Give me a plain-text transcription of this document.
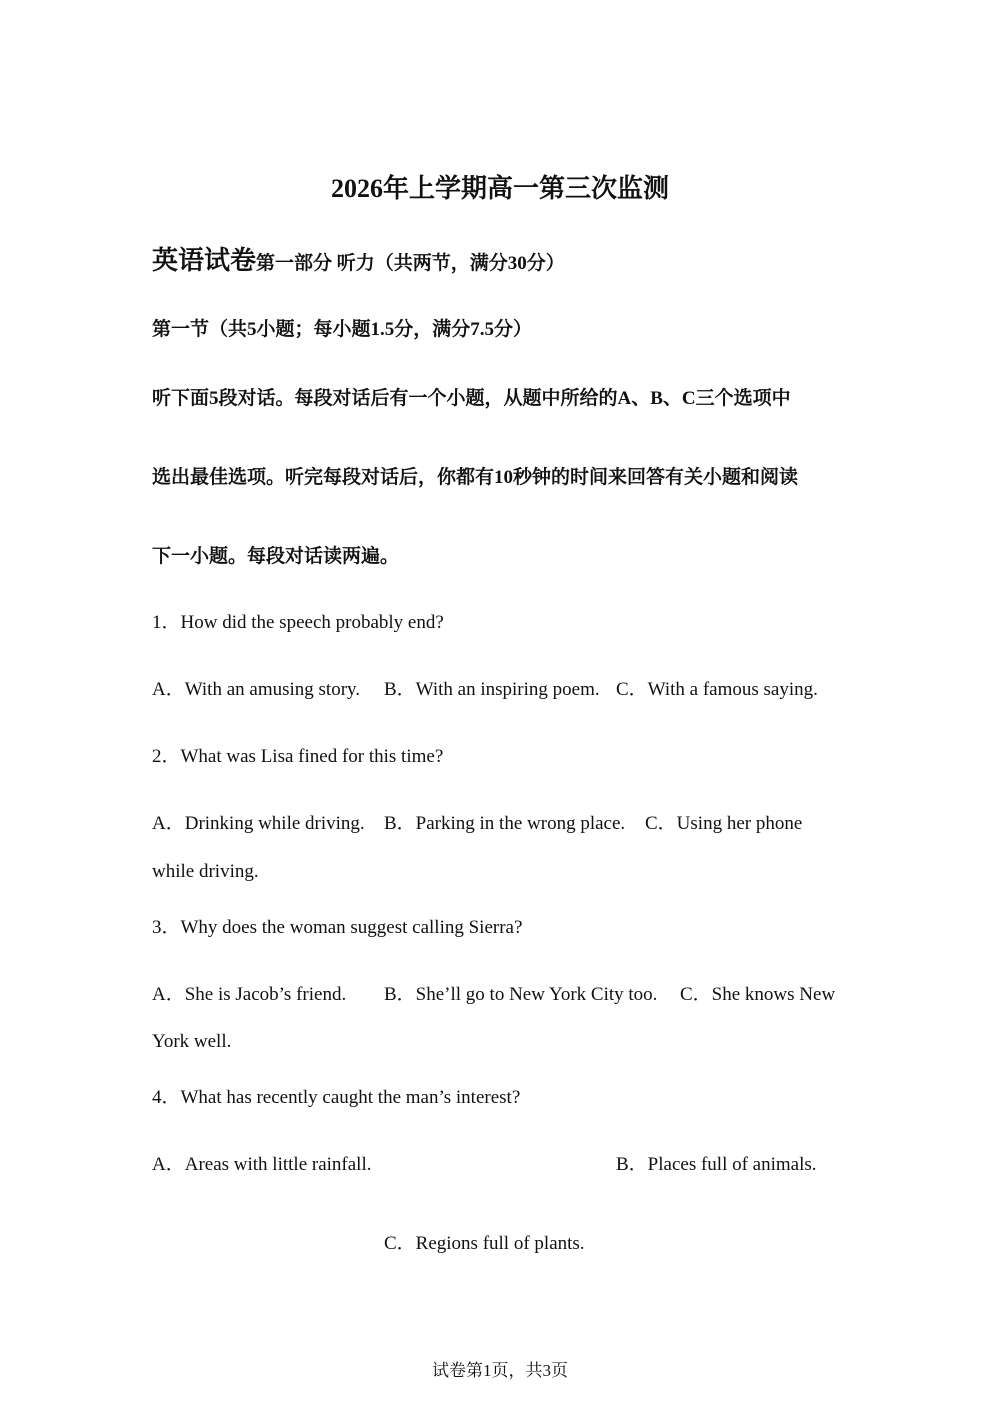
2026年上学期高一第三次监测
英语试卷第一部分 听力（共两节，满分30分）
第一节（共5小题；每小题1.5分，满分7.5分）
听下面5段对话。每段对话后有一个小题，从题中所给的A、B、C三个选项中
选出最佳选项。听完每段对话后，你都有10秒钟的时间来回答有关小题和阅读
下一小题。每段对话读两遍。
1．How did the speech probably end?
A．With an amusing story. B．With an inspiring poem. C．With a famous saying.
2．What was Lisa fined for this time?
A．Drinking while driving. B．Parking in the wrong place. C．Using her phone
while driving.
3．Why does the woman suggest calling Sierra?
A．She is Jacob’s friend. B．She’ll go to New York City too. C．She knows New
York well.
4．What has recently caught the man’s interest?
A．Areas with little rainfall.	B．Places full of animals.
C．Regions full of plants.
试卷第1页，共3页
